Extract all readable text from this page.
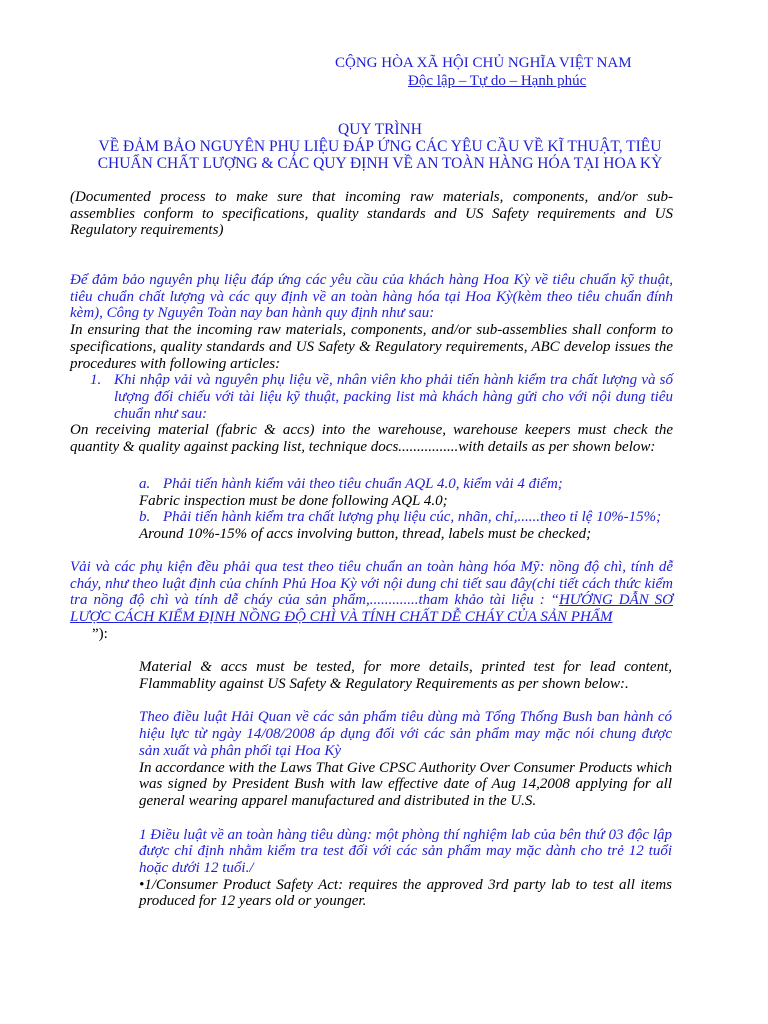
CỘNG HÒA XÃ HỘI CHỦ NGHĨA VIỆT NAM

Độc lập – Tự do – Hạnh phúc

QUY TRÌNH

VỀ ĐẢM BẢO NGUYÊN PHỤ LIỆU ĐÁP ỨNG CÁC YÊU CẦU VỀ KĨ THUẬT, TIÊU

CHUẨN CHẤT LƯỢNG & CÁC QUY ĐỊNH VỀ AN TOÀN HÀNG HÓA TẠI HOA KỲ

(Documented process to make sure that incoming raw materials, components, and/or sub-assemblies conform to specifications, quality standards and US Safety requirements and US Regulatory requirements)

Để đảm bảo nguyên phụ liệu đáp ứng các yêu cầu của khách hàng Hoa Kỳ về tiêu chuẩn kỹ thuật, tiêu chuẩn chất lượng và các quy định về an toàn hàng hóa tại Hoa Kỳ(kèm theo tiêu chuẩn đính kèm), Công ty Nguyên Toàn nay ban hành quy định như sau:

In ensuring that the incoming raw materials, components, and/or sub-assemblies shall conform to specifications, quality standards and US Safety & Regulatory requirements, ABC develop issues the procedures with following articles:

1. Khi nhập vải và nguyên phụ liệu về, nhân viên kho phải tiến hành kiểm tra chất lượng và số lượng đối chiếu với tài liệu kỹ thuật, packing list mà khách hàng gửi cho với nội dung tiêu chuẩn như sau:

On receiving material (fabric & accs) into the warehouse, warehouse keepers must check the quantity & quality against packing list, technique docs................with details as per shown below:

a. Phải tiến hành kiểm vải theo tiêu chuẩn AQL 4.0, kiểm vải 4 điểm;

Fabric inspection must be done following AQL 4.0;

b. Phải tiến hành kiểm tra chất lượng phụ liệu cúc, nhãn, chỉ,......theo tỉ lệ 10%-15%;

Around 10%-15% of accs involving button, thread, labels must be checked;

Vải và các phụ kiện đều phải qua test theo tiêu chuẩn an toàn hàng hóa Mỹ: nồng độ chì, tính dễ cháy, như theo luật định của chính Phủ Hoa Kỳ với nội dung chi tiết sau đây(chi tiết cách thức kiểm tra nồng độ chì và tính dễ cháy của sản phẩm,.............tham khảo tài liệu : “HƯỚNG DẪN SƠ LƯỢC CÁCH KIỂM ĐỊNH NỒNG ĐỘ CHÌ VÀ TÍNH CHẤT DỄ CHÁY CỦA SẢN PHẨM

”):

Material & accs must be tested, for more details, printed test for lead content, Flammablity against US Safety & Regulatory Requirements as per shown below:.

Theo điều luật Hải Quan về các sản phẩm tiêu dùng mà Tổng Thống Bush ban hành có hiệu lực từ ngày 14/08/2008 áp dụng đối với các sản phẩm may mặc nói chung được sản xuất và phân phối tại Hoa Kỳ

In accordance with the Laws That Give CPSC Authority Over Consumer Products which was signed by President Bush with law effective date of Aug 14,2008 applying for all general wearing apparel manufactured and distributed in the U.S.

1 Điều luật về an toàn hàng tiêu dùng: một phòng thí nghiệm lab của bên thứ 03 độc lập được chỉ định nhằm kiểm tra test đối với các sản phẩm may mặc dành cho trẻ 12 tuổi hoặc dưới 12 tuổi./

•1/Consumer Product Safety Act: requires the approved 3rd party lab to test all items produced for 12 years old or younger.
